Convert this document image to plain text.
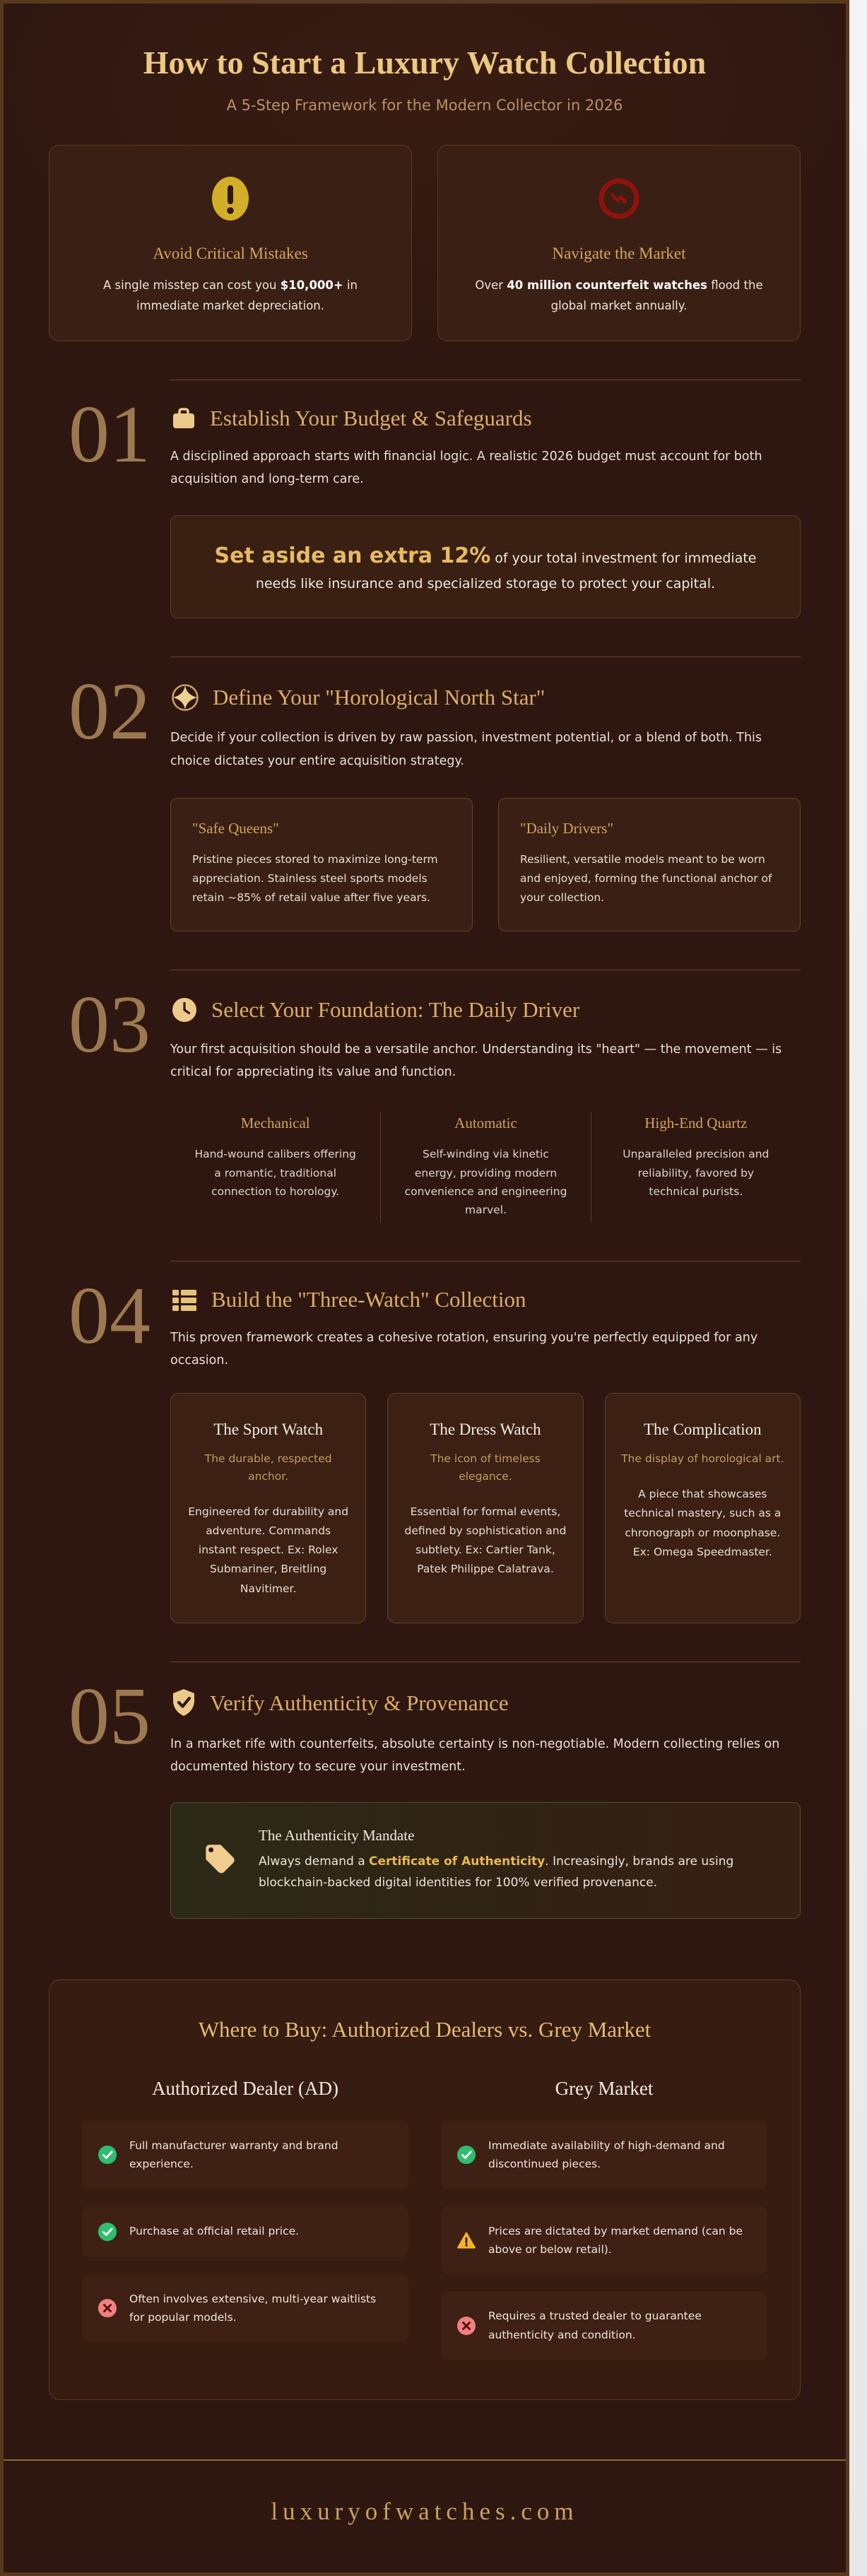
How to Start a Luxury Watch Collection
A 5-Step Framework for the Modern Collector in 2026
Avoid Critical Mistakes

A single misstep can cost you $10,000+ in immediate market depreciation.

Navigate the Market

Over 40 million counterfeit watches flood the global market annually.

01	Establish Your Budget & Safeguards

A disciplined approach starts with financial logic. A realistic 2026 budget must account for both acquisition and long-term care.

Set aside an extra 12% of your total investment for immediate needs like insurance and specialized storage to protect your capital.
02	Define Your "Horological North Star"

Decide if your collection is driven by raw passion, investment potential, or a blend of both. This choice dictates your entire acquisition strategy.

"Safe Queens"

Pristine pieces stored to maximize long-term appreciation. Stainless steel sports models retain ~85% of retail value after five years.

"Daily Drivers"

Resilient, versatile models meant to be worn and enjoyed, forming the functional anchor of your collection.

03	Select Your Foundation: The Daily Driver

Your first acquisition should be a versatile anchor. Understanding its "heart" — the movement — is critical for appreciating its value and function.

Mechanical

Hand-wound calibers offering a romantic, traditional connection to horology.

Automatic

Self-winding via kinetic energy, providing modern convenience and engineering marvel.

High-End Quartz

Unparalleled precision and reliability, favored by technical purists.

04	Build the "Three-Watch" Collection

This proven framework creates a cohesive rotation, ensuring you're perfectly equipped for any occasion.

The Sport Watch
The durable, respected anchor.

Engineered for durability and adventure. Commands instant respect. Ex: Rolex Submariner, Breitling Navitimer.

The Dress Watch
The icon of timeless elegance.

Essential for formal events, defined by sophistication and subtlety. Ex: Cartier Tank, Patek Philippe Calatrava.

The Complication
The display of horological art.

A piece that showcases technical mastery, such as a chronograph or moonphase. Ex: Omega Speedmaster.

05	Verify Authenticity & Provenance

In a market rife with counterfeits, absolute certainty is non-negotiable. Modern collecting relies on documented history to secure your investment.

The Authenticity Mandate

Always demand a Certificate of Authenticity. Increasingly, brands are using blockchain-backed digital identities for 100% verified provenance.

Where to Buy: Authorized Dealers vs. Grey Market
Authorized Dealer (AD)
Full manufacturer warranty and brand experience.
Purchase at official retail price.
Often involves extensive, multi-year waitlists for popular models.
Grey Market
Immediate availability of high-demand and discontinued pieces.
Prices are dictated by market demand (can be above or below retail).
Requires a trusted dealer to guarantee authenticity and condition.
luxuryofwatches.com
